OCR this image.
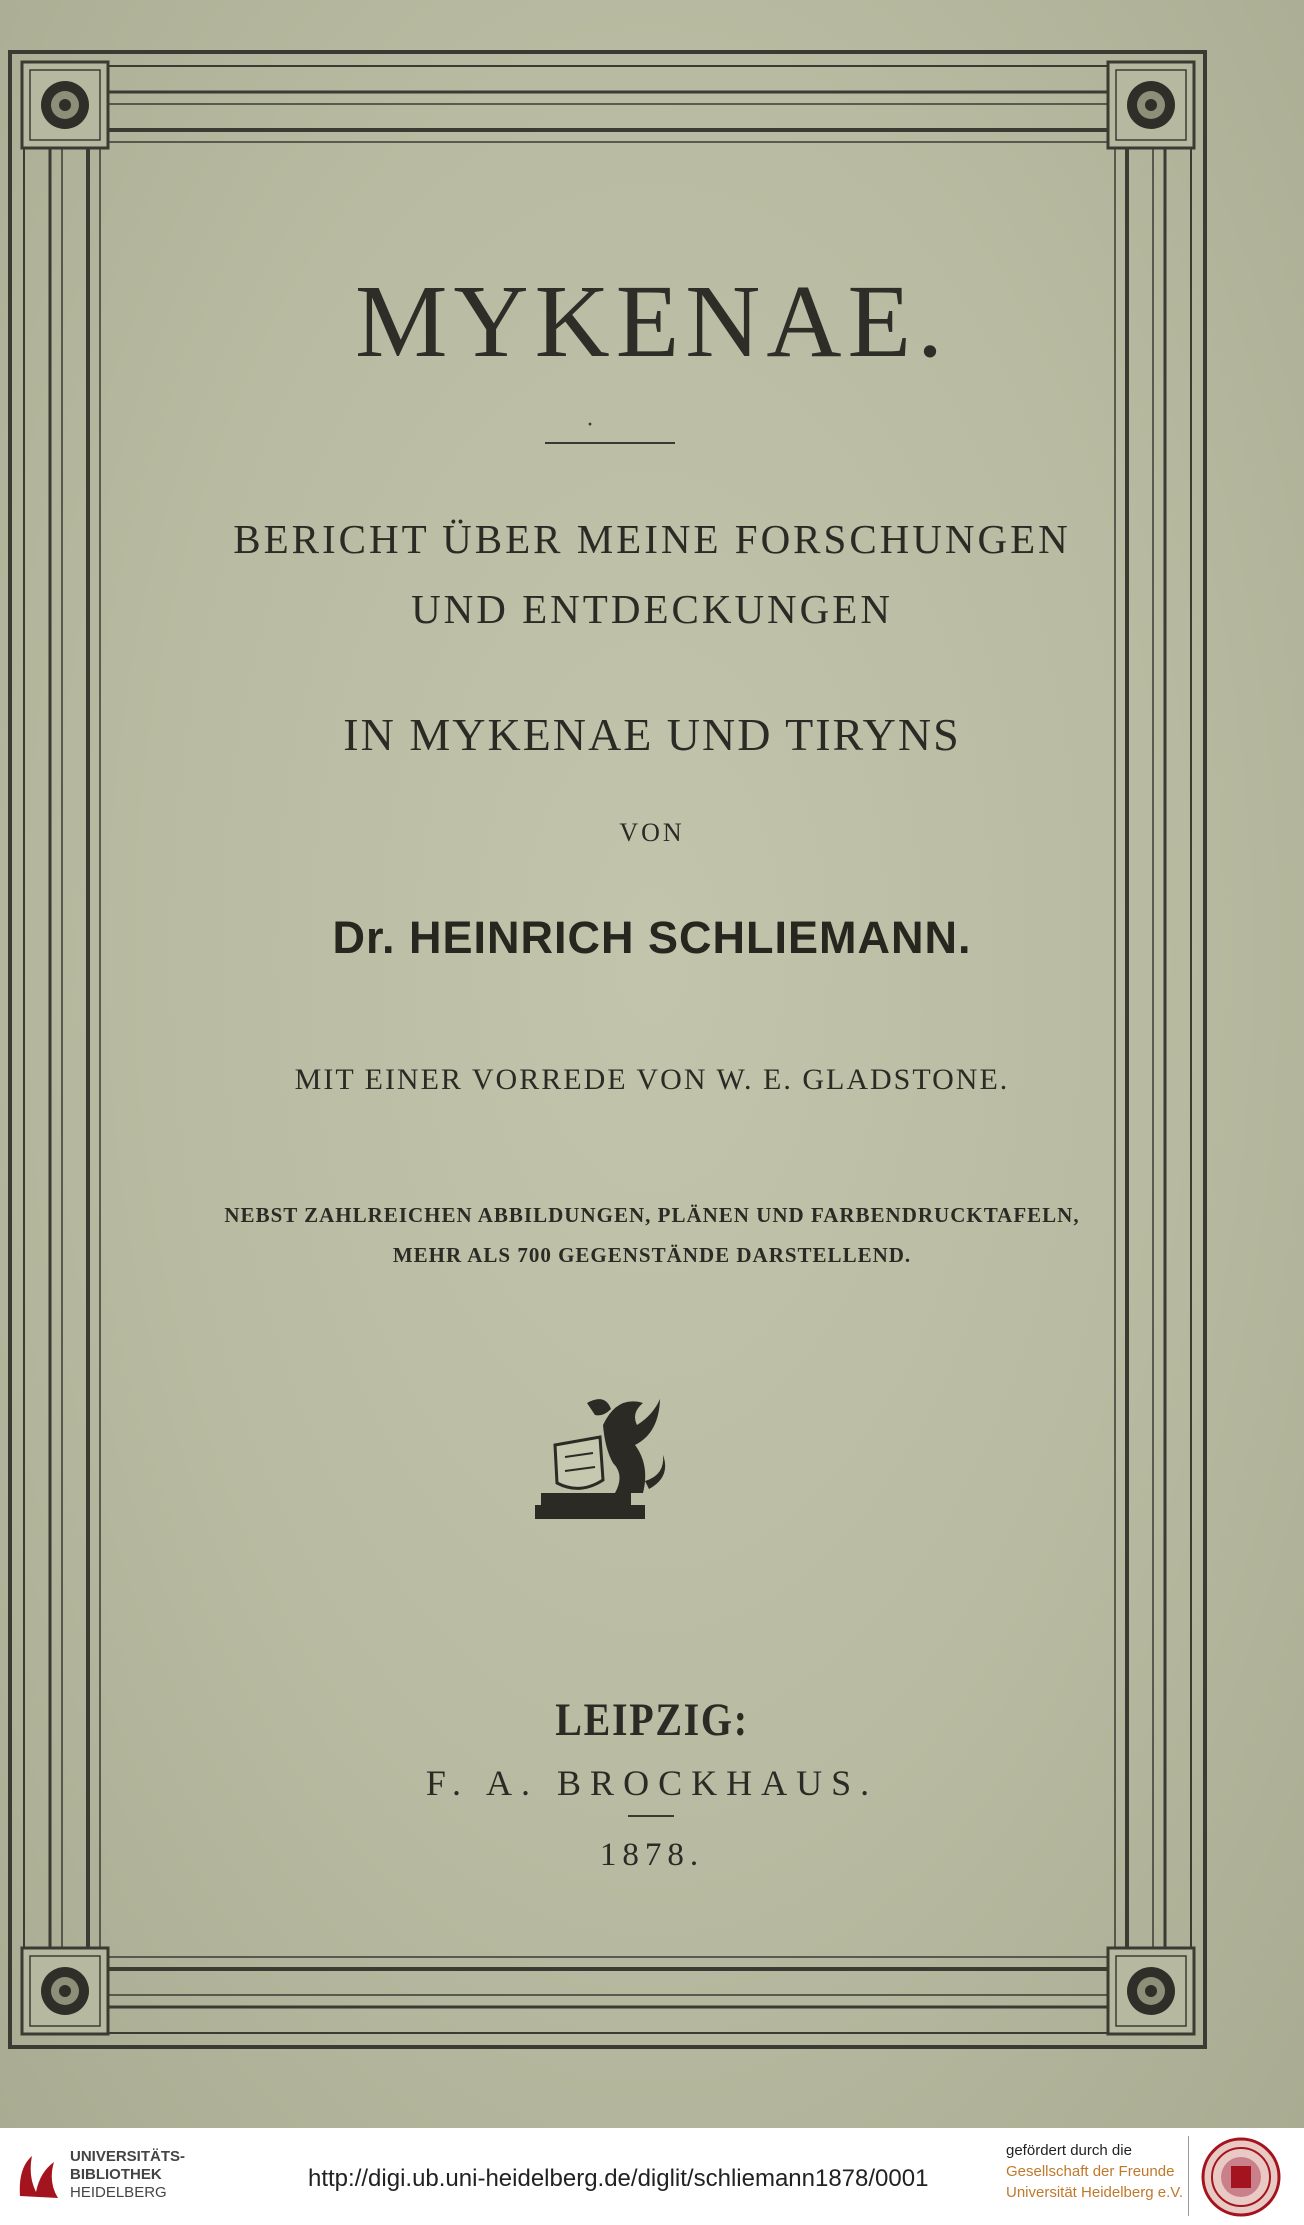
MYKENAE.
·
BERICHT ÜBER MEINE FORSCHUNGEN
UND ENTDECKUNGEN
IN MYKENAE UND TIRYNS
VON
Dr. HEINRICH SCHLIEMANN.
MIT EINER VORREDE VON W. E. GLADSTONE.
NEBST ZAHLREICHEN ABBILDUNGEN, PLÄNEN UND FARBENDRUCKTAFELN,
MEHR ALS 700 GEGENSTÄNDE DARSTELLEND.
LEIPZIG:
F. A. BROCKHAUS.
1878.
UNIVERSITÄTS-
BIBLIOTHEK
HEIDELBERG
http://digi.ub.uni-heidelberg.de/diglit/schliemann1878/0001
gefördert durch die
Gesellschaft der Freunde
Universität Heidelberg e.V.
